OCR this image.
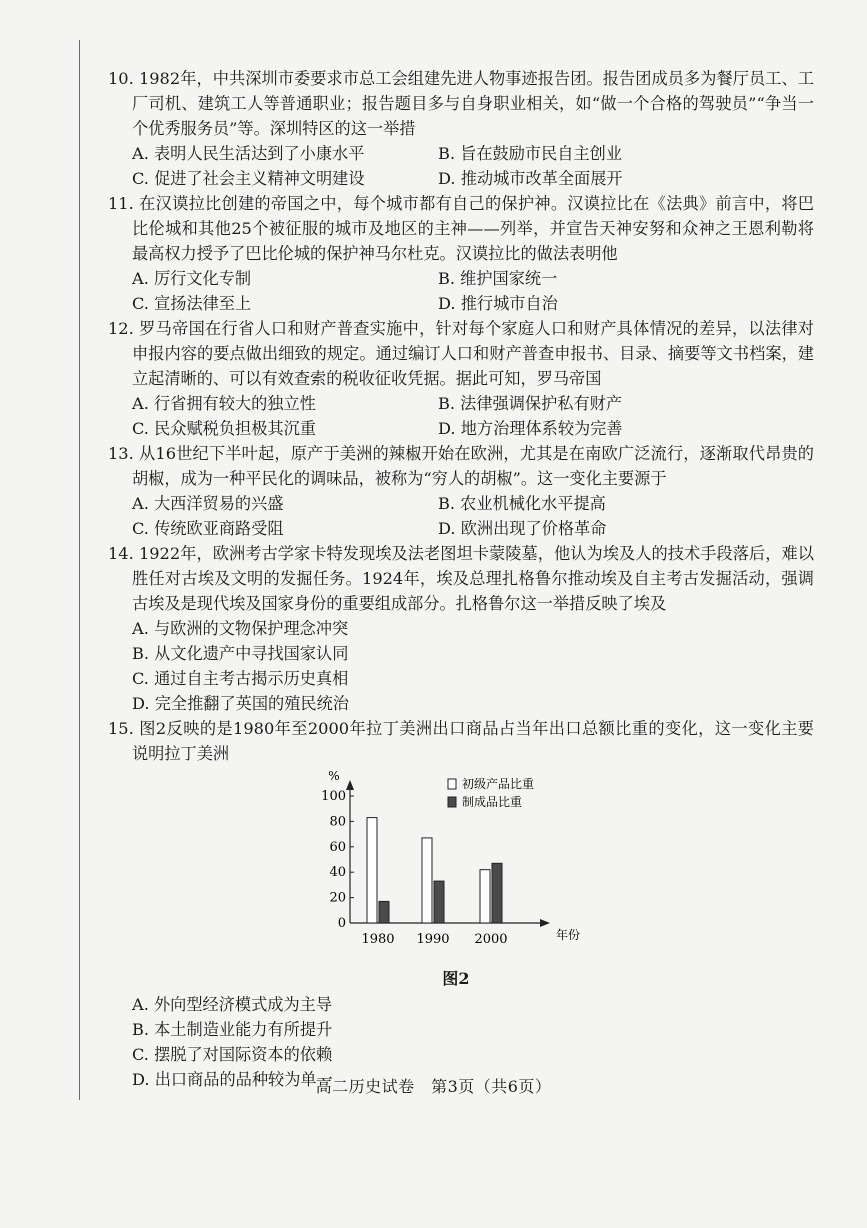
10. 1982年，中共深圳市委要求市总工会组建先进人物事迹报告团。报告团成员多为餐厅员工、工厂司机、建筑工人等普通职业；报告题目多与自身职业相关，如“做一个合格的驾驶员”“争当一个优秀服务员”等。深圳特区的这一举措

A. 表明人民生活达到了小康水平	B. 旨在鼓励市民自主创业
C. 促进了社会主义精神文明建设	D. 推动城市改革全面展开

11. 在汉谟拉比创建的帝国之中，每个城市都有自己的保护神。汉谟拉比在《法典》前言中，将巴比伦城和其他25个被征服的城市及地区的主神——列举，并宣告天神安努和众神之王恩利勒将最高权力授予了巴比伦城的保护神马尔杜克。汉谟拉比的做法表明他

A. 厉行文化专制	B. 维护国家统一
C. 宣扬法律至上	D. 推行城市自治

12. 罗马帝国在行省人口和财产普查实施中，针对每个家庭人口和财产具体情况的差异，以法律对申报内容的要点做出细致的规定。通过编订人口和财产普查申报书、目录、摘要等文书档案，建立起清晰的、可以有效查索的税收征收凭据。据此可知，罗马帝国

A. 行省拥有较大的独立性	B. 法律强调保护私有财产
C. 民众赋税负担极其沉重	D. 地方治理体系较为完善

13. 从16世纪下半叶起，原产于美洲的辣椒开始在欧洲，尤其是在南欧广泛流行，逐渐取代昂贵的胡椒，成为一种平民化的调味品，被称为“穷人的胡椒”。这一变化主要源于

A. 大西洋贸易的兴盛	B. 农业机械化水平提高
C. 传统欧亚商路受阻	D. 欧洲出现了价格革命

14. 1922年，欧洲考古学家卡特发现埃及法老图坦卡蒙陵墓，他认为埃及人的技术手段落后，难以胜任对古埃及文明的发掘任务。1924年，埃及总理扎格鲁尔推动埃及自主考古发掘活动，强调古埃及是现代埃及国家身份的重要组成部分。扎格鲁尔这一举措反映了埃及

A. 与欧洲的文物保护理念冲突
B. 从文化遗产中寻找国家认同
C. 通过自主考古揭示历史真相
D. 完全推翻了英国的殖民统治

15. 图2反映的是1980年至2000年拉丁美洲出口商品占当年出口总额比重的变化，这一变化主要说明拉丁美洲

%
年份
0
20
40
60
80
100
1980 1990 2000
初级产品比重
制成品比重
图2
A. 外向型经济模式成为主导
B. 本土制造业能力有所提升
C. 摆脱了对国际资本的依赖
D. 出口商品的品种较为单一
高二历史试卷　第3页（共6页）
